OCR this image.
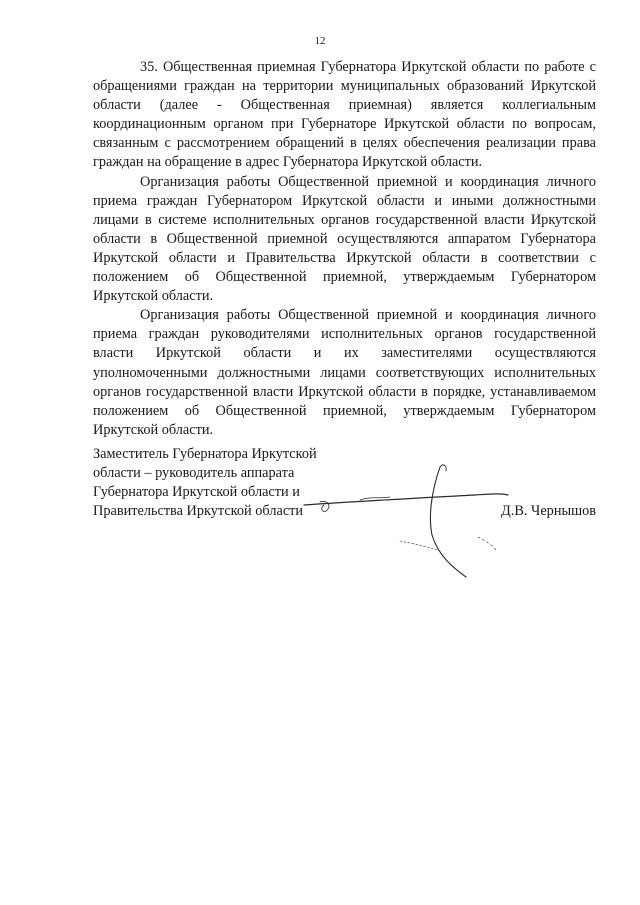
12

35. Общественная приемная Губернатора Иркутской области по работе с обращениями граждан на территории муниципальных образований Иркутской области (далее - Общественная приемная) является коллегиальным координационным органом при Губернаторе Иркутской области по вопросам, связанным с рассмотрением обращений в целях обеспечения реализации права граждан на обращение в адрес Губернатора Иркутской области.

Организация работы Общественной приемной и координация личного приема граждан Губернатором Иркутской области и иными должностными лицами в системе исполнительных органов государственной власти Иркутской области в Общественной приемной осуществляются аппаратом Губернатора Иркутской области и Правительства Иркутской области в соответствии с положением об Общественной приемной, утверждаемым Губернатором Иркутской области.

Организация работы Общественной приемной и координация личного приема граждан руководителями исполнительных органов государственной власти Иркутской области и их заместителями осуществляются уполномоченными должностными лицами соответствующих исполнительных органов государственной власти Иркутской области в порядке, устанавливаемом положением об Общественной приемной, утверждаемым Губернатором Иркутской области.

Заместитель Губернатора Иркутской
области – руководитель аппарата
Губернатора Иркутской области и
Правительства Иркутской области	Д.В. Чернышов
